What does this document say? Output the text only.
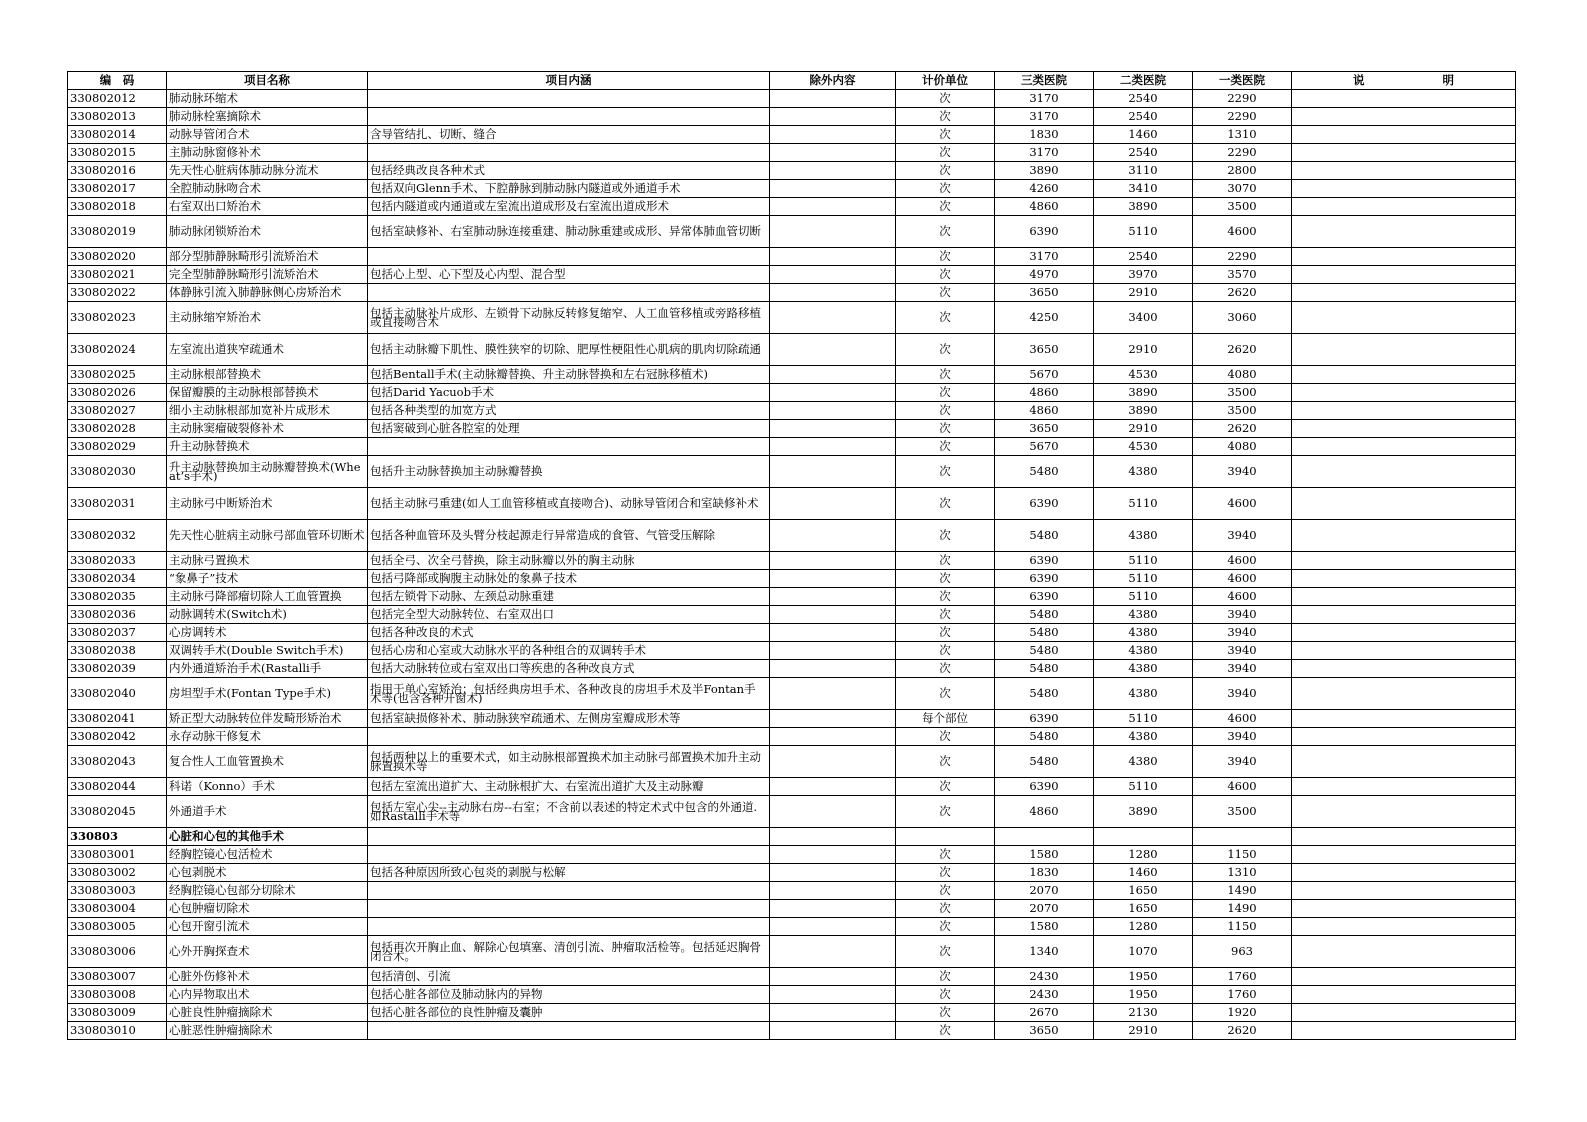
编　码	项目名称	项目内涵	除外内容	计价单位	三类医院	二类医院	一类医院	说 明

330802012	肺动脉环缩术			次	3170	2540	2290	
330802013	肺动脉栓塞摘除术			次	3170	2540	2290	
330802014	动脉导管闭合术	含导管结扎、切断、缝合		次	1830	1460	1310	
330802015	主肺动脉窗修补术			次	3170	2540	2290	
330802016	先天性心脏病体肺动脉分流术	包括经典改良各种术式		次	3890	3110	2800	
330802017	全腔肺动脉吻合术	包括双向Glenn手术、下腔静脉到肺动脉内隧道或外通道手术		次	4260	3410	3070	
330802018	右室双出口矫治术	包括内隧道或内通道或左室流出道成形及右室流出道成形术		次	4860	3890	3500	
330802019	肺动脉闭锁矫治术	包括室缺修补、右室肺动脉连接重建、肺动脉重建或成形、异常体肺血管切断		次	6390	5110	4600	
330802020	部分型肺静脉畸形引流矫治术			次	3170	2540	2290	
330802021	完全型肺静脉畸形引流矫治术	包括心上型、心下型及心内型、混合型		次	4970	3970	3570	
330802022	体静脉引流入肺静脉侧心房矫治术			次	3650	2910	2620	
330802023	主动脉缩窄矫治术	包括主动脉补片成形、左锁骨下动脉反转修复缩窄、人工血管移植或旁路移植或直接吻合术		次	4250	3400	3060	
330802024	左室流出道狭窄疏通术	包括主动脉瓣下肌性、膜性狭窄的切除、肥厚性梗阻性心肌病的肌肉切除疏通		次	3650	2910	2620	
330802025	主动脉根部替换术	包括Bentall手术(主动脉瓣替换、升主动脉替换和左右冠脉移植术)		次	5670	4530	4080	
330802026	保留瓣膜的主动脉根部替换术	包括Darid Yacuob手术		次	4860	3890	3500	
330802027	细小主动脉根部加宽补片成形术	包括各种类型的加宽方式		次	4860	3890	3500	
330802028	主动脉窦瘤破裂修补术	包括窦破到心脏各腔室的处理		次	3650	2910	2620	
330802029	升主动脉替换术			次	5670	4530	4080	
330802030	升主动脉替换加主动脉瓣替换术(Wheat’s手术)	包括升主动脉替换加主动脉瓣替换		次	5480	4380	3940	
330802031	主动脉弓中断矫治术	包括主动脉弓重建(如人工血管移植或直接吻合)、动脉导管闭合和室缺修补术		次	6390	5110	4600	
330802032	先天性心脏病主动脉弓部血管环切断术	包括各种血管环及头臂分枝起源走行异常造成的食管、气管受压解除		次	5480	4380	3940	
330802033	主动脉弓置换术	包括全弓、次全弓替换，除主动脉瓣以外的胸主动脉		次	6390	5110	4600	
330802034	“象鼻子”技术	包括弓降部或胸腹主动脉处的象鼻子技术		次	6390	5110	4600	
330802035	主动脉弓降部瘤切除人工血管置换	包括左锁骨下动脉、左颈总动脉重建		次	6390	5110	4600	
330802036	动脉调转术(Switch术)	包括完全型大动脉转位、右室双出口		次	5480	4380	3940	
330802037	心房调转术	包括各种改良的术式		次	5480	4380	3940	
330802038	双调转手术(Double Switch手术)	包括心房和心室或大动脉水平的各种组合的双调转手术		次	5480	4380	3940	
330802039	内外通道矫治手术(Rastalli手	包括大动脉转位或右室双出口等疾患的各种改良方式		次	5480	4380	3940	
330802040	房坦型手术(Fontan Type手术)	指用于单心室矫治；包括经典房坦手术、各种改良的房坦手术及半Fontan手术等(也含各种开窗术)		次	5480	4380	3940	
330802041	矫正型大动脉转位伴发畸形矫治术	包括室缺损修补术、肺动脉狭窄疏通术、左侧房室瓣成形术等		每个部位	6390	5110	4600	
330802042	永存动脉干修复术			次	5480	4380	3940	
330802043	复合性人工血管置换术	包括两种以上的重要术式，如主动脉根部置换术加主动脉弓部置换术加升主动脉置换术等		次	5480	4380	3940	
330802044	科诺（Konno）手术	包括左室流出道扩大、主动脉根扩大、右室流出道扩大及主动脉瓣		次	6390	5110	4600	
330802045	外通道手术	包括左室心尖--主动脉右房--右室；不含前以表述的特定术式中包含的外通道.如Rastalli手术等		次	4860	3890	3500	
330803	心脏和心包的其他手术							
330803001	经胸腔镜心包活检术			次	1580	1280	1150	
330803002	心包剥脱术	包括各种原因所致心包炎的剥脱与松解		次	1830	1460	1310	
330803003	经胸腔镜心包部分切除术			次	2070	1650	1490	
330803004	心包肿瘤切除术			次	2070	1650	1490	
330803005	心包开窗引流术			次	1580	1280	1150	
330803006	心外开胸探查术	包括再次开胸止血、解除心包填塞、清创引流、肿瘤取活检等。包括延迟胸骨闭合术。		次	1340	1070	963	
330803007	心脏外伤修补术	包括清创、引流		次	2430	1950	1760	
330803008	心内异物取出术	包括心脏各部位及肺动脉内的异物		次	2430	1950	1760	
330803009	心脏良性肿瘤摘除术	包括心脏各部位的良性肿瘤及囊肿		次	2670	2130	1920	
330803010	心脏恶性肿瘤摘除术			次	3650	2910	2620	
